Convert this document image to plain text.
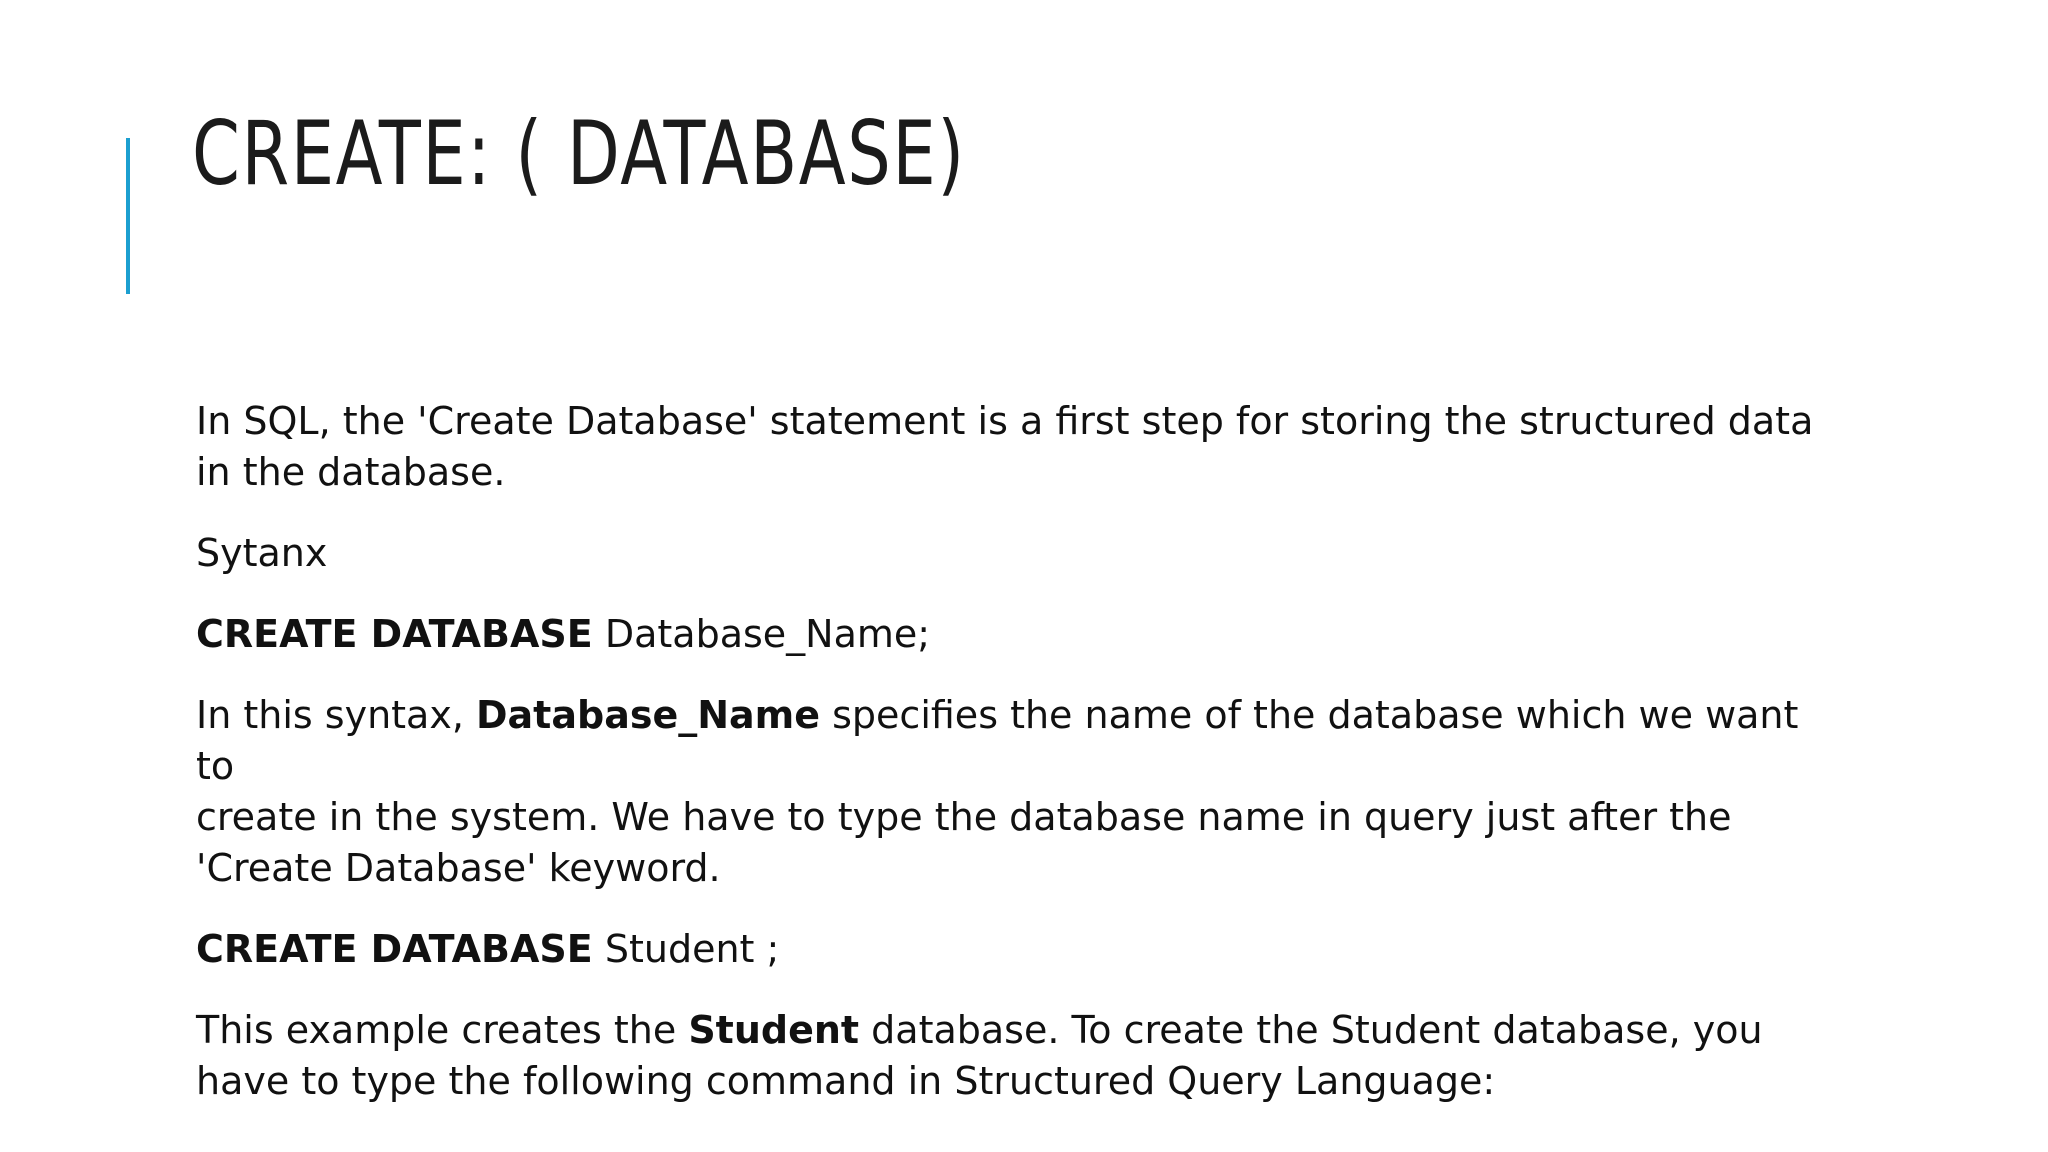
CREATE: ( DATABASE)

In SQL, the 'Create Database' statement is a first step for storing the structured data
in the database.

Sytanx

CREATE DATABASE Database_Name;

In this syntax, Database_Name specifies the name of the database which we want to
create in the system. We have to type the database name in query just after the
'Create Database' keyword.

CREATE DATABASE Student ;

This example creates the Student database. To create the Student database, you
have to type the following command in Structured Query Language:
